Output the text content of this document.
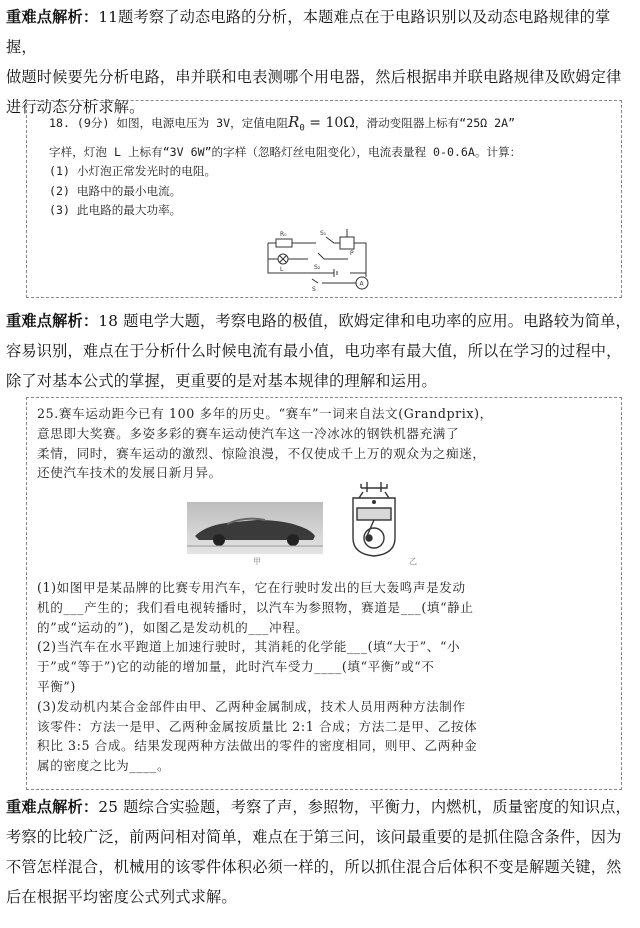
重难点解析：11题考察了动态电路的分析，本题难点在于电路识别以及动态电路规律的掌握，
做题时候要先分析电路，串并联和电表测哪个用电器，然后根据串并联电路规律及欧姆定律
进行动态分析求解。
18. (9分) 如图，电源电压为 3V，定值电阻$R_0 = 10\Omega$，滑动变阻器上标有“25Ω 2A”
字样，灯泡 L 上标有“3V 6W”的字样（忽略灯丝电阻变化），电流表量程 0-0.6A。计算：
(1) 小灯泡正常发光时的电阻。
(2) 电路中的最小电流。
(3) 此电路的最大功率。
R₀	S₁
S₂
L
P
S
A
重难点解析：18 题电学大题，考察电路的极值，欧姆定律和电功率的应用。电路较为简单，
容易识别，难点在于分析什么时候电流有最小值，电功率有最大值，所以在学习的过程中，
除了对基本公式的掌握，更重要的是对基本规律的理解和运用。
25.赛车运动距今已有 100 多年的历史。“赛车”一词来自法文(Grandprix)，
意思即大奖赛。多姿多彩的赛车运动使汽车这一冷冰冰的钢铁机器充满了
柔情，同时，赛车运动的激烈、惊险浪漫，不仅使成千上万的观众为之痴迷，
还使汽车技术的发展日新月异。
甲	乙
(1)如图甲是某品牌的比赛专用汽车，它在行驶时发出的巨大轰鸣声是发动
机的___产生的；我们看电视转播时，以汽车为参照物，赛道是___(填“静止
的”或“运动的”)，如图乙是发动机的___冲程。
(2)当汽车在水平跑道上加速行驶时，其消耗的化学能___(填“大于”、“小
于”或“等于”)它的动能的增加量，此时汽车受力____(填“平衡”或“不
平衡”)
(3)发动机内某合金部件由甲、乙两种金属制成，技术人员用两种方法制作
该零件：方法一是甲、乙两种金属按质量比 2:1 合成；方法二是甲、乙按体
积比 3:5 合成。结果发现两种方法做出的零件的密度相同，则甲、乙两种金
属的密度之比为____。
重难点解析：25 题综合实验题，考察了声，参照物，平衡力，内燃机，质量密度的知识点，
考察的比较广泛，前两问相对简单，难点在于第三问，该问最重要的是抓住隐含条件，因为
不管怎样混合，机械用的该零件体积必须一样的，所以抓住混合后体积不变是解题关键，然
后在根据平均密度公式列式求解。
